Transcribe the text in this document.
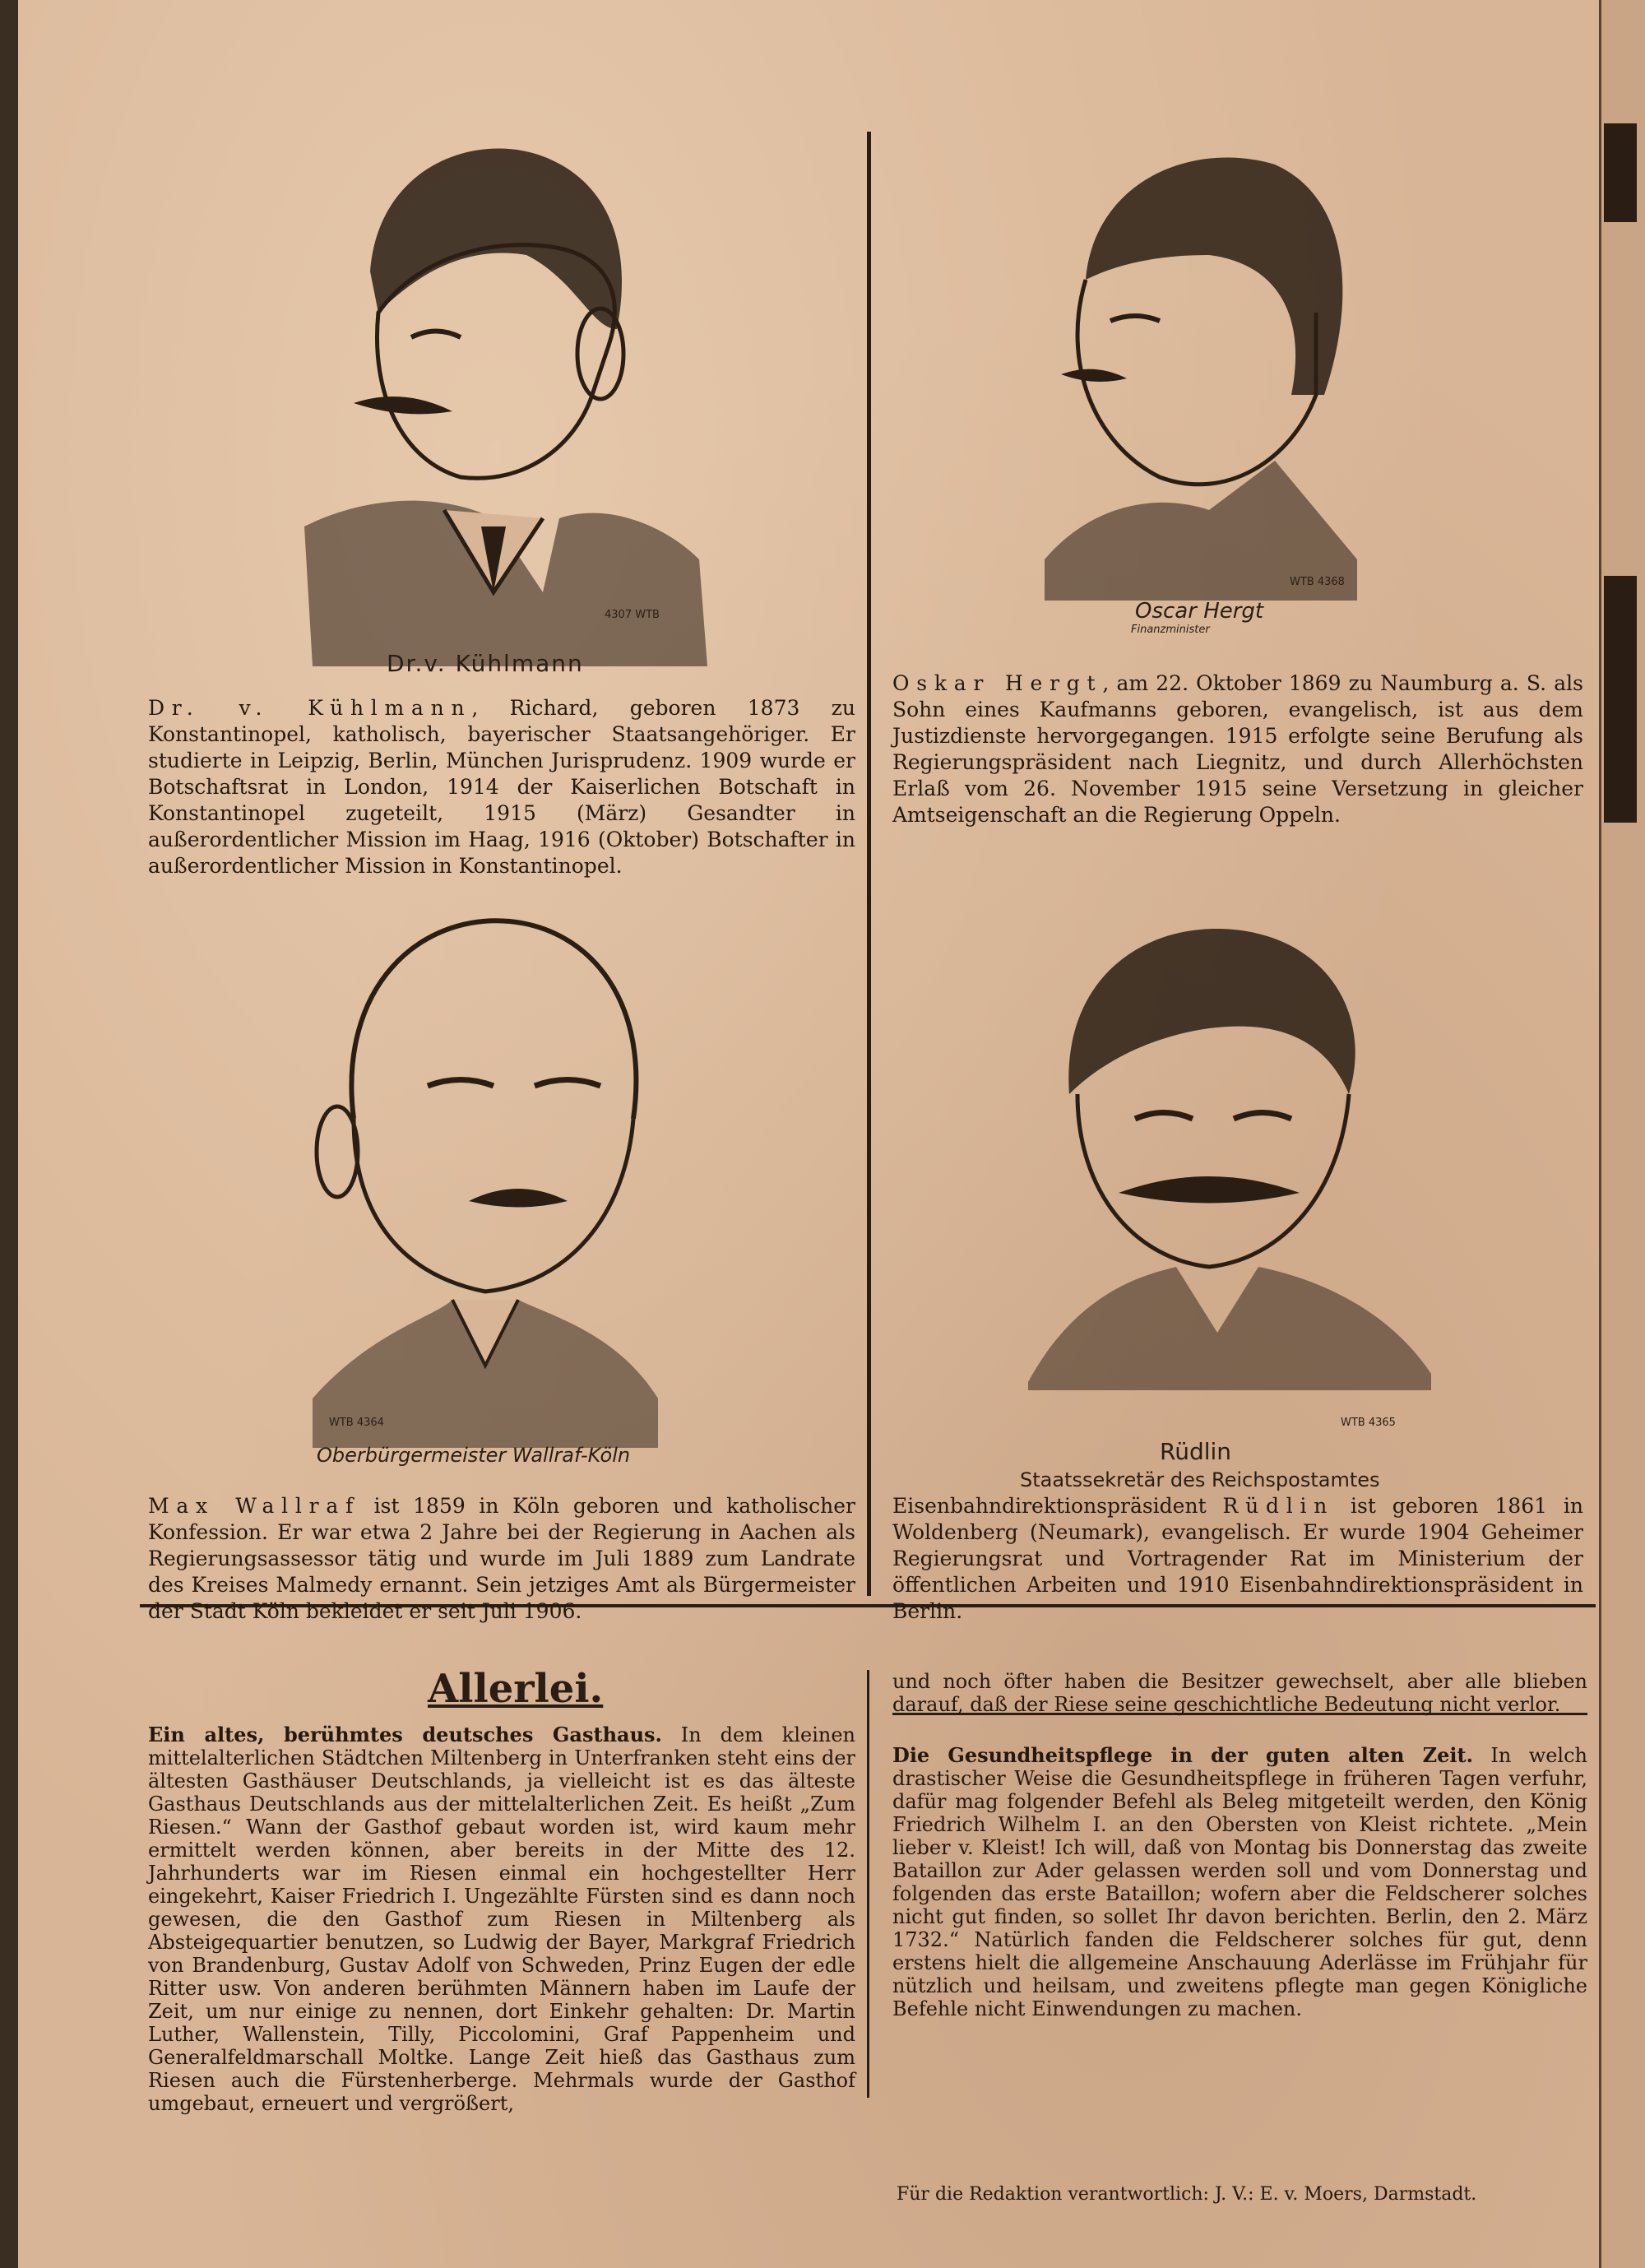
Dr.v. Kühlmann
4307 WTB	Oscar Hergt
Finanzminister
WTB 4368
Dr. v. Kühlmann, Richard, geboren 1873 zu Konstantinopel, katholisch, bayerischer Staatsangehöriger. Er studierte in Leipzig, Berlin, München Jurisprudenz. 1909 wurde er Botschaftsrat in London, 1914 der Kaiserlichen Botschaft in Konstantinopel zugeteilt, 1915 (März) Gesandter in außerordentlicher Mission im Haag, 1916 (Oktober) Botschafter in außerordentlicher Mission in Konstantinopel.
Oskar Hergt, am 22. Oktober 1869 zu Naumburg a. S. als Sohn eines Kaufmanns geboren, evangelisch, ist aus dem Justizdienste hervorgegangen. 1915 erfolgte seine Berufung als Regierungspräsident nach Liegnitz, und durch Allerhöchsten Erlaß vom 26. November 1915 seine Versetzung in gleicher Amtseigenschaft an die Regierung Oppeln.
Oberbürgermeister Wallraf-Köln
WTB 4364
Rüdlin
Staatssekretär des Reichspostamtes
WTB 4365
Max Wallraf ist 1859 in Köln geboren und katholischer Konfession. Er war etwa 2 Jahre bei der Regierung in Aachen als Regierungsassessor tätig und wurde im Juli 1889 zum Landrate des Kreises Malmedy ernannt. Sein jetziges Amt als Bürgermeister der Stadt Köln bekleidet er seit Juli 1906.
Eisenbahndirektionspräsident Rüdlin ist geboren 1861 in Woldenberg (Neumark), evangelisch. Er wurde 1904 Geheimer Regierungsrat und Vortragender Rat im Ministerium der öffentlichen Arbeiten und 1910 Eisenbahndirektionspräsident in Berlin.
Allerlei.
Ein altes, berühmtes deutsches Gasthaus. In dem kleinen mittelalterlichen Städtchen Miltenberg in Unterfranken steht eins der ältesten Gasthäuser Deutschlands, ja vielleicht ist es das älteste Gasthaus Deutschlands aus der mittelalterlichen Zeit. Es heißt „Zum Riesen.“ Wann der Gasthof gebaut worden ist, wird kaum mehr ermittelt werden können, aber bereits in der Mitte des 12. Jahrhunderts war im Riesen einmal ein hochgestellter Herr eingekehrt, Kaiser Friedrich I. Ungezählte Fürsten sind es dann noch gewesen, die den Gasthof zum Riesen in Miltenberg als Absteigequartier benutzen, so Ludwig der Bayer, Markgraf Friedrich von Brandenburg, Gustav Adolf von Schweden, Prinz Eugen der edle Ritter usw. Von anderen berühmten Männern haben im Laufe der Zeit, um nur einige zu nennen, dort Einkehr gehalten: Dr. Martin Luther, Wallenstein, Tilly, Piccolomini, Graf Pappenheim und Generalfeldmarschall Moltke. Lange Zeit hieß das Gasthaus zum Riesen auch die Fürstenherberge. Mehrmals wurde der Gasthof umgebaut, erneuert und vergrößert,
und noch öfter haben die Besitzer gewechselt, aber alle blieben darauf, daß der Riese seine geschichtliche Bedeutung nicht verlor.
Die Gesundheitspflege in der guten alten Zeit. In welch drastischer Weise die Gesundheitspflege in früheren Tagen verfuhr, dafür mag folgender Befehl als Beleg mitgeteilt werden, den König Friedrich Wilhelm I. an den Obersten von Kleist richtete. „Mein lieber v. Kleist! Ich will, daß von Montag bis Donnerstag das zweite Bataillon zur Ader gelassen werden soll und vom Donnerstag und folgenden das erste Bataillon; wofern aber die Feldscherer solches nicht gut finden, so sollet Ihr davon berichten. Berlin, den 2. März 1732.“ Natürlich fanden die Feldscherer solches für gut, denn erstens hielt die allgemeine Anschauung Aderlässe im Frühjahr für nützlich und heilsam, und zweitens pflegte man gegen Königliche Befehle nicht Einwendungen zu machen.
Für die Redaktion verantwortlich: J. V.: E. v. Moers, Darmstadt.
